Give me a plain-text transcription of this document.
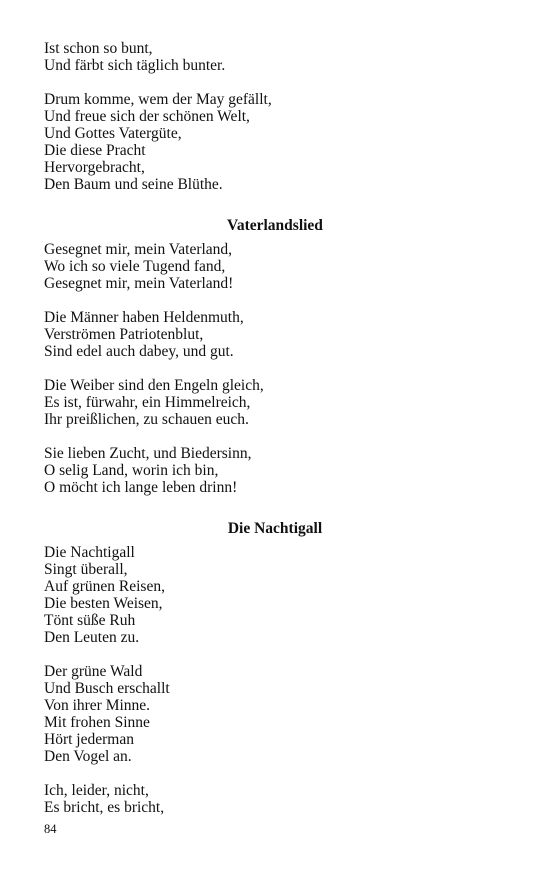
Ist schon so bunt,
Und färbt sich täglich bunter.
Drum komme, wem der May gefällt,
Und freue sich der schönen Welt,
Und Gottes Vatergüte,
Die diese Pracht
Hervorgebracht,
Den Baum und seine Blüthe.
Vaterlandslied
Gesegnet mir, mein Vaterland,
Wo ich so viele Tugend fand,
Gesegnet mir, mein Vaterland!
Die Männer haben Heldenmuth,
Verströmen Patriotenblut,
Sind edel auch dabey, und gut.
Die Weiber sind den Engeln gleich,
Es ist, fürwahr, ein Himmelreich,
Ihr preißlichen, zu schauen euch.
Sie lieben Zucht, und Biedersinn,
O selig Land, worin ich bin,
O möcht ich lange leben drinn!
Die Nachtigall
Die Nachtigall
Singt überall,
Auf grünen Reisen,
Die besten Weisen,
Tönt süße Ruh
Den Leuten zu.
Der grüne Wald
Und Busch erschallt
Von ihrer Minne.
Mit frohen Sinne
Hört jederman
Den Vogel an.
Ich, leider, nicht,
Es bricht, es bricht,
84
